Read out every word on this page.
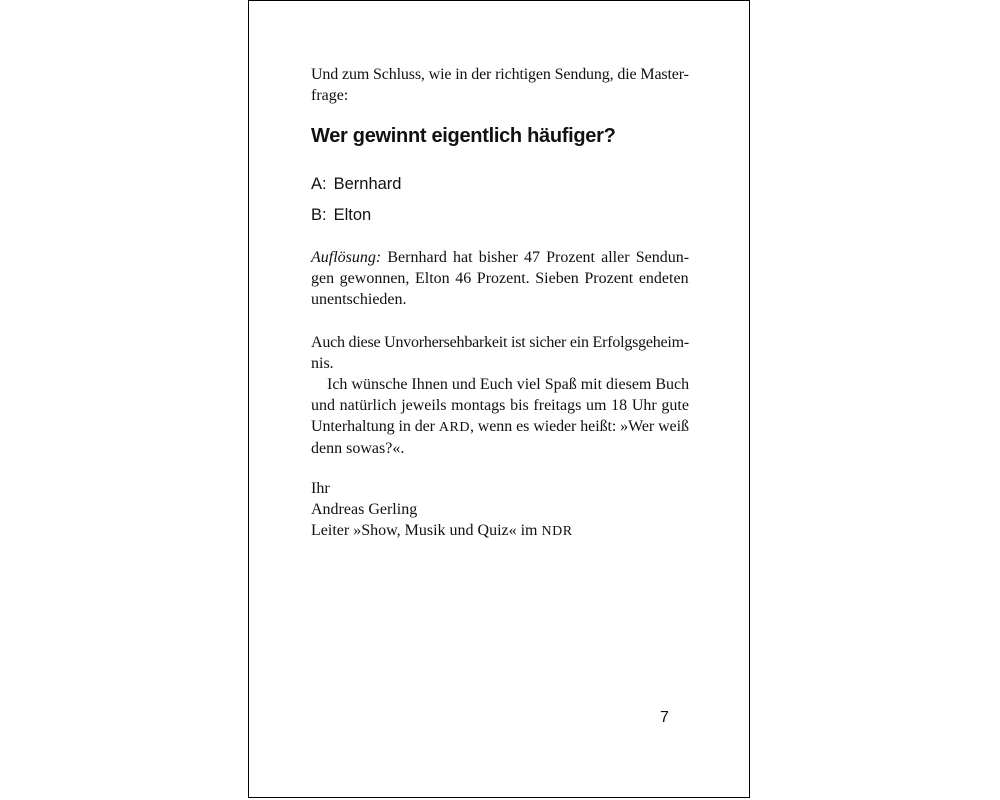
Und zum Schluss, wie in der richtigen Sendung, die Master-
frage:
Wer gewinnt eigentlich häufiger?
A: Bernhard
B: Elton
Auflösung: Bernhard hat bisher 47 Prozent aller Sendun-
gen gewonnen, Elton 46 Prozent. Sieben Prozent endeten
unentschieden.
Auch diese Unvorhersehbarkeit ist sicher ein Erfolgsgeheim-
nis.
Ich wünsche Ihnen und Euch viel Spaß mit diesem Buch
und natürlich jeweils montags bis freitags um 18 Uhr gute
Unterhaltung in der ARD, wenn es wieder heißt: »Wer weiß
denn sowas?«.
Ihr
Andreas Gerling
Leiter »Show, Musik und Quiz« im NDR
7
